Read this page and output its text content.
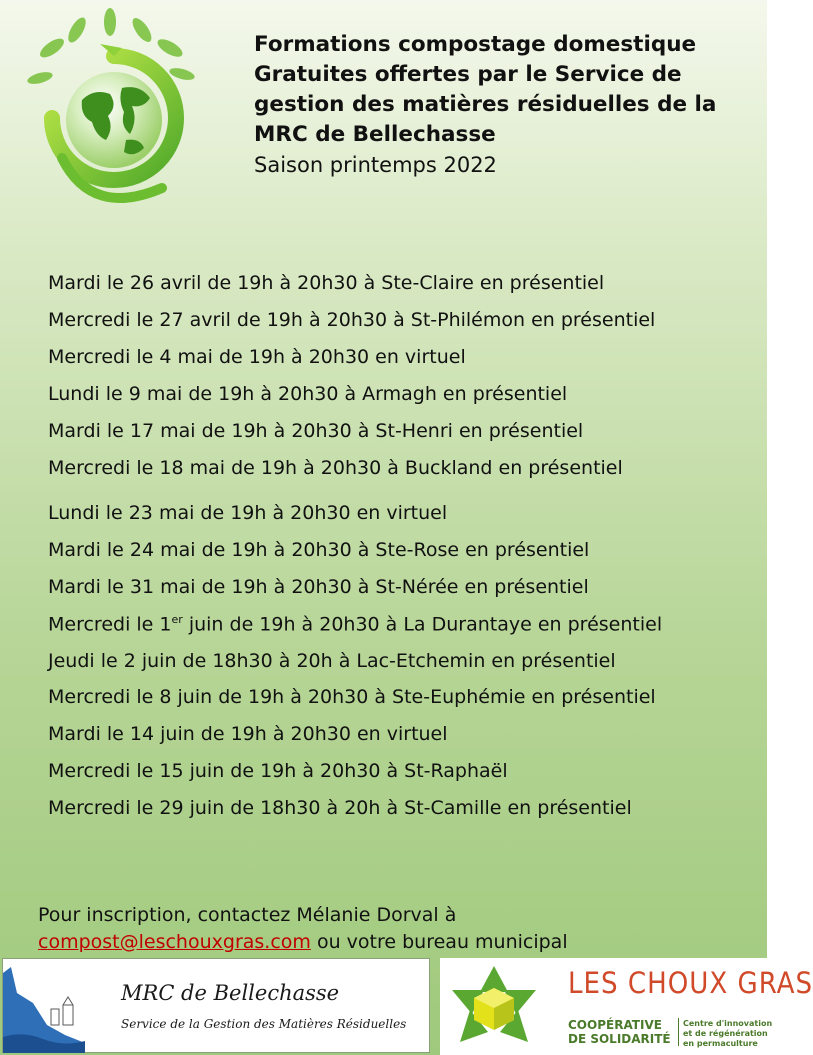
Formations compostage domestique
Gratuites offertes par le Service de
gestion des matières résiduelles de la
MRC de Bellechasse
Saison printemps 2022
Mardi le 26 avril de 19h à 20h30 à Ste-Claire en présentiel
Mercredi le 27 avril de 19h à 20h30 à St-Philémon en présentiel
Mercredi le 4 mai de 19h à 20h30 en virtuel
Lundi le 9 mai de 19h à 20h30 à Armagh en présentiel
Mardi le 17 mai de 19h à 20h30 à St-Henri en présentiel
Mercredi le 18 mai de 19h à 20h30 à Buckland en présentiel
Lundi le 23 mai de 19h à 20h30 en virtuel
Mardi le 24 mai de 19h à 20h30 à Ste-Rose en présentiel
Mardi le 31 mai de 19h à 20h30 à St-Nérée en présentiel
Mercredi le 1er juin de 19h à 20h30 à La Durantaye en présentiel
Jeudi le 2 juin de 18h30 à 20h à Lac-Etchemin en présentiel
Mercredi le 8 juin de 19h à 20h30 à Ste-Euphémie en présentiel
Mardi le 14 juin de 19h à 20h30 en virtuel
Mercredi le 15 juin de 19h à 20h30 à St-Raphaël
Mercredi le 29 juin de 18h30 à 20h à St-Camille en présentiel
Pour inscription, contactez Mélanie Dorval à
compost@leschouxgras.com ou votre bureau municipal
MRC de Bellechasse
Service de la Gestion des Matières Résiduelles
LES CHOUX GRAS
COOPÉRATIVE
DE SOLIDARITÉ
Centre d'innovation
et de régénération
en permaculture
